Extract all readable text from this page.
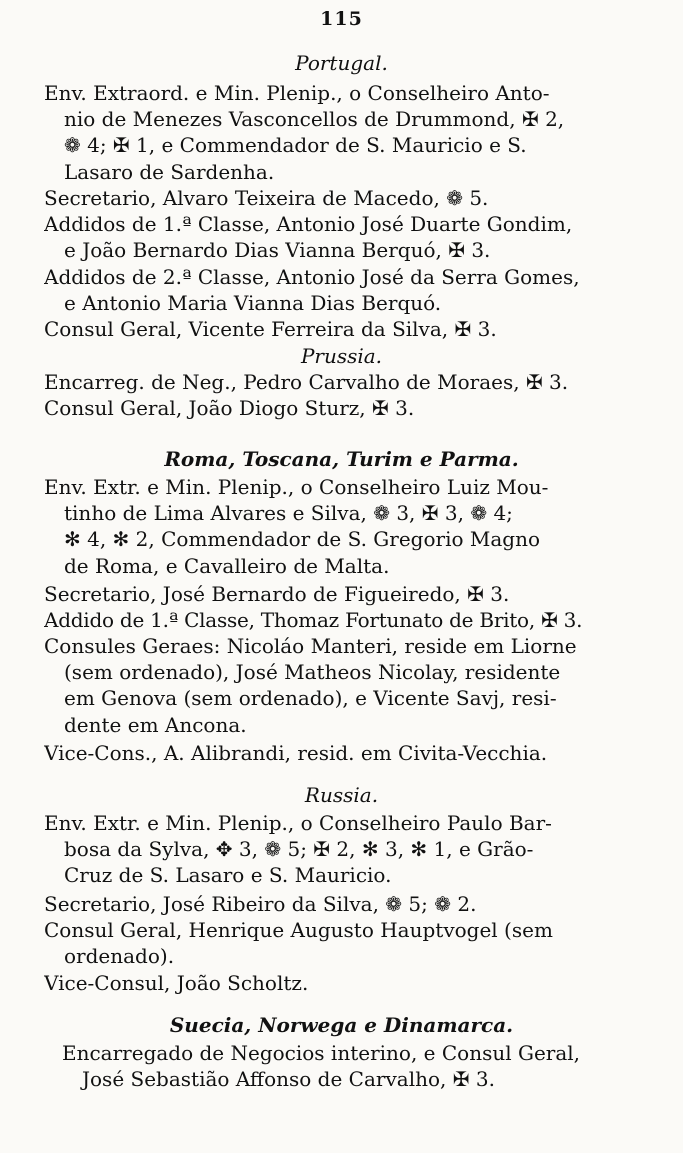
115
Portugal.
Env. Extraord. e Min. Plenip., o Conselheiro Anto-
nio de Menezes Vasconcellos de Drummond, ✠ 2,
❁ 4; ✠ 1, e Commendador de S. Mauricio e S.
Lasaro de Sardenha.
Secretario, Alvaro Teixeira de Macedo, ❁ 5.
Addidos de 1.ª Classe, Antonio José Duarte Gondim,
e João Bernardo Dias Vianna Berquó, ✠ 3.
Addidos de 2.ª Classe, Antonio José da Serra Gomes,
e Antonio Maria Vianna Dias Berquó.
Consul Geral, Vicente Ferreira da Silva, ✠ 3.
Prussia.
Encarreg. de Neg., Pedro Carvalho de Moraes, ✠ 3.
Consul Geral, João Diogo Sturz, ✠ 3.
Roma, Toscana, Turim e Parma.
Env. Extr. e Min. Plenip., o Conselheiro Luiz Mou-
tinho de Lima Alvares e Silva, ❁ 3, ✠ 3, ❁ 4;
✻ 4, ✻ 2, Commendador de S. Gregorio Magno
de Roma, e Cavalleiro de Malta.
Secretario, José Bernardo de Figueiredo, ✠ 3.
Addido de 1.ª Classe, Thomaz Fortunato de Brito, ✠ 3.
Consules Geraes: Nicoláo Manteri, reside em Liorne
(sem ordenado), José Matheos Nicolay, residente
em Genova (sem ordenado), e Vicente Savj, resi-
dente em Ancona.
Vice-Cons., A. Alibrandi, resid. em Civita-Vecchia.
Russia.
Env. Extr. e Min. Plenip., o Conselheiro Paulo Bar-
bosa da Sylva, ✥ 3, ❁ 5; ✠ 2, ✻ 3, ✻ 1, e Grão-
Cruz de S. Lasaro e S. Mauricio.
Secretario, José Ribeiro da Silva, ❁ 5; ❁ 2.
Consul Geral, Henrique Augusto Hauptvogel (sem
ordenado).
Vice-Consul, João Scholtz.
Suecia, Norwega e Dinamarca.
Encarregado de Negocios interino, e Consul Geral,
José Sebastião Affonso de Carvalho, ✠ 3.
